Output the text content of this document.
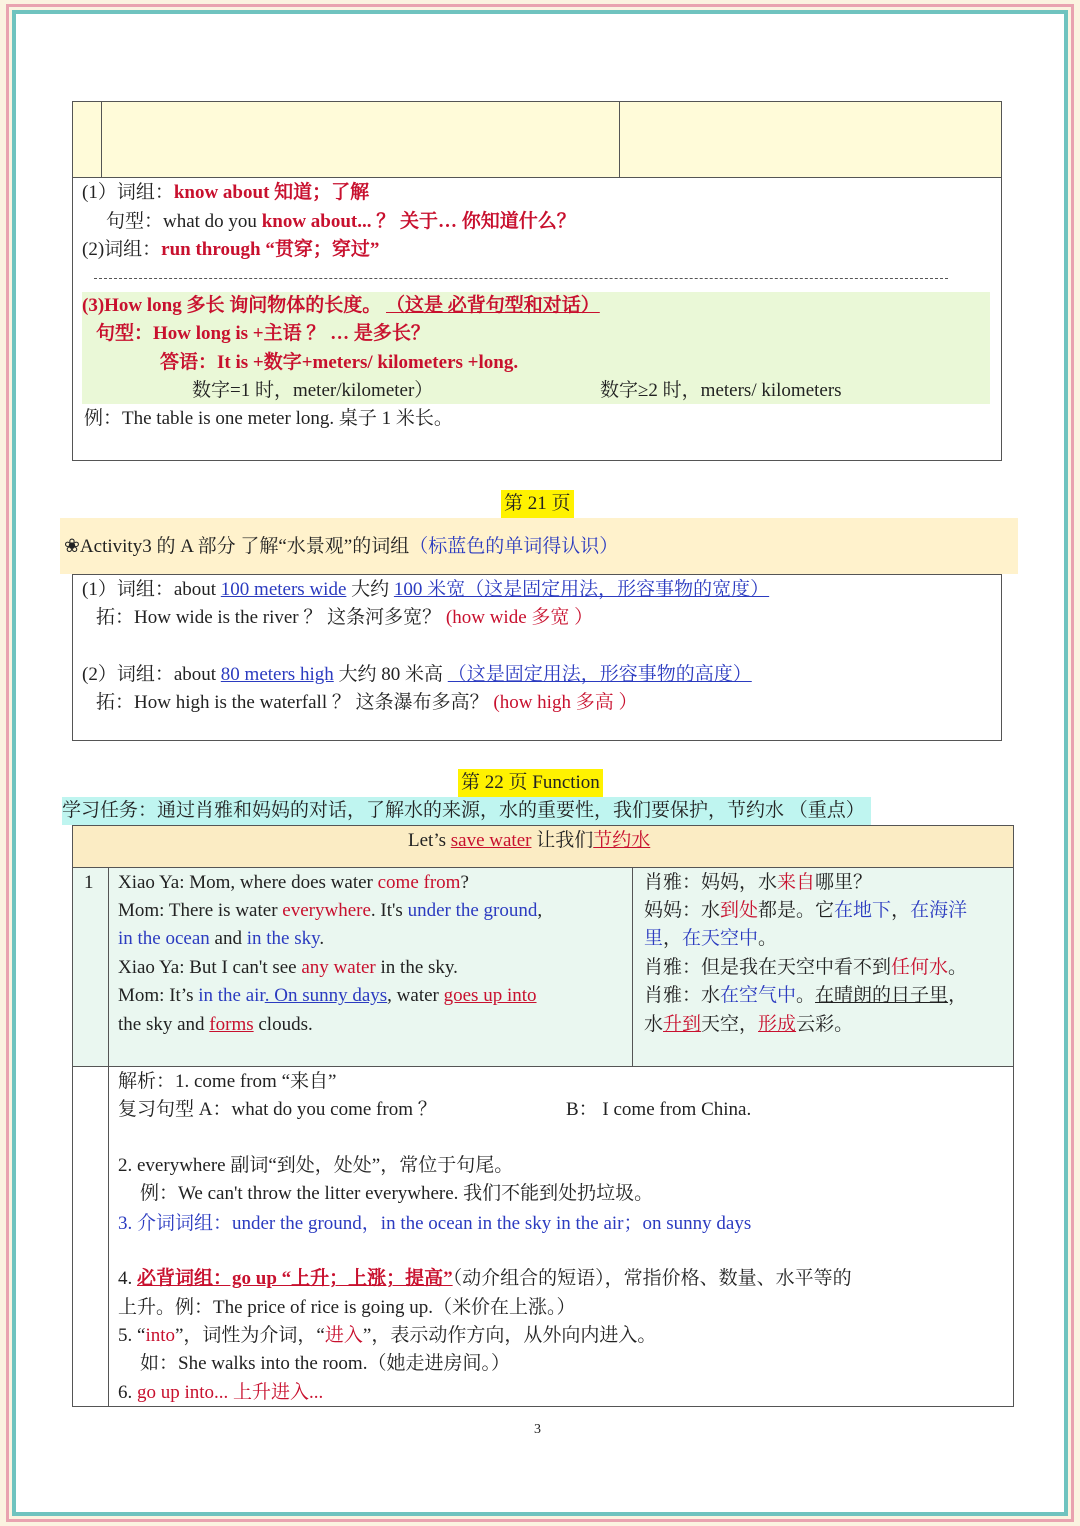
(1）词组：know about 知道；了解
句型：what do you know about... ？ 关于… 你知道什么？
(2)词组：run through “贯穿；穿过”
(3)How long 多长 询问物体的长度。 （这是 必背句型和对话）
句型：How long is +主语 ？ … 是多长？
答语：It is +数字+meters/ kilometers +long.
数字=1 时，meter/kilometer）	数字≥2 时，meters/ kilometers
例：The table is one meter long. 桌子 1 米长。
第 21 页
❀Activity3 的 A 部分 了解“水景观”的词组（标蓝色的单词得认识）
(1）词组：about 100 meters wide 大约 100 米宽（这是固定用法，形容事物的宽度）
拓：How wide is the river ？ 这条河多宽？ (how wide 多宽 ）
(2）词组：about 80 meters high 大约 80 米高 （这是固定用法，形容事物的高度）
拓：How high is the waterfall ？ 这条瀑布多高？ (how high 多高 ）
第 22 页 Function
学习任务：通过肖雅和妈妈的对话，了解水的来源，水的重要性，我们要保护，节约水 （重点）
Let’s save water 让我们节约水
1 Xiao Ya: Mom, where does water come from?
Mom: There is water everywhere. It's under the ground,
in the ocean and in the sky.
Xiao Ya: But I can't see any water in the sky.
Mom: It’s in the air. On sunny days, water goes up into
the sky and forms clouds.
肖雅：妈妈，水来自哪里？
妈妈：水到处都是。它在地下，在海洋
里，在天空中。
肖雅：但是我在天空中看不到任何水。
肖雅：水在空气中。在晴朗的日子里，
水升到天空，形成云彩。
解析：1. come from “来自”
复习句型 A：what do you come from ？	B： I come from China.
2. everywhere 副词“到处，处处”，常位于句尾。
例：We can't throw the litter everywhere. 我们不能到处扔垃圾。
3. 介词词组：under the ground，in the ocean in the sky in the air；on sunny days
4. 必背词组：go up “上升；上涨；提高”（动介组合的短语），常指价格、数量、水平等的
上升。例：The price of rice is going up.（米价在上涨。）
5. “into”，词性为介词，“进入”，表示动作方向，从外向内进入。
如：She walks into the room.（她走进房间。）
6. go up into... 上升进入...
3
